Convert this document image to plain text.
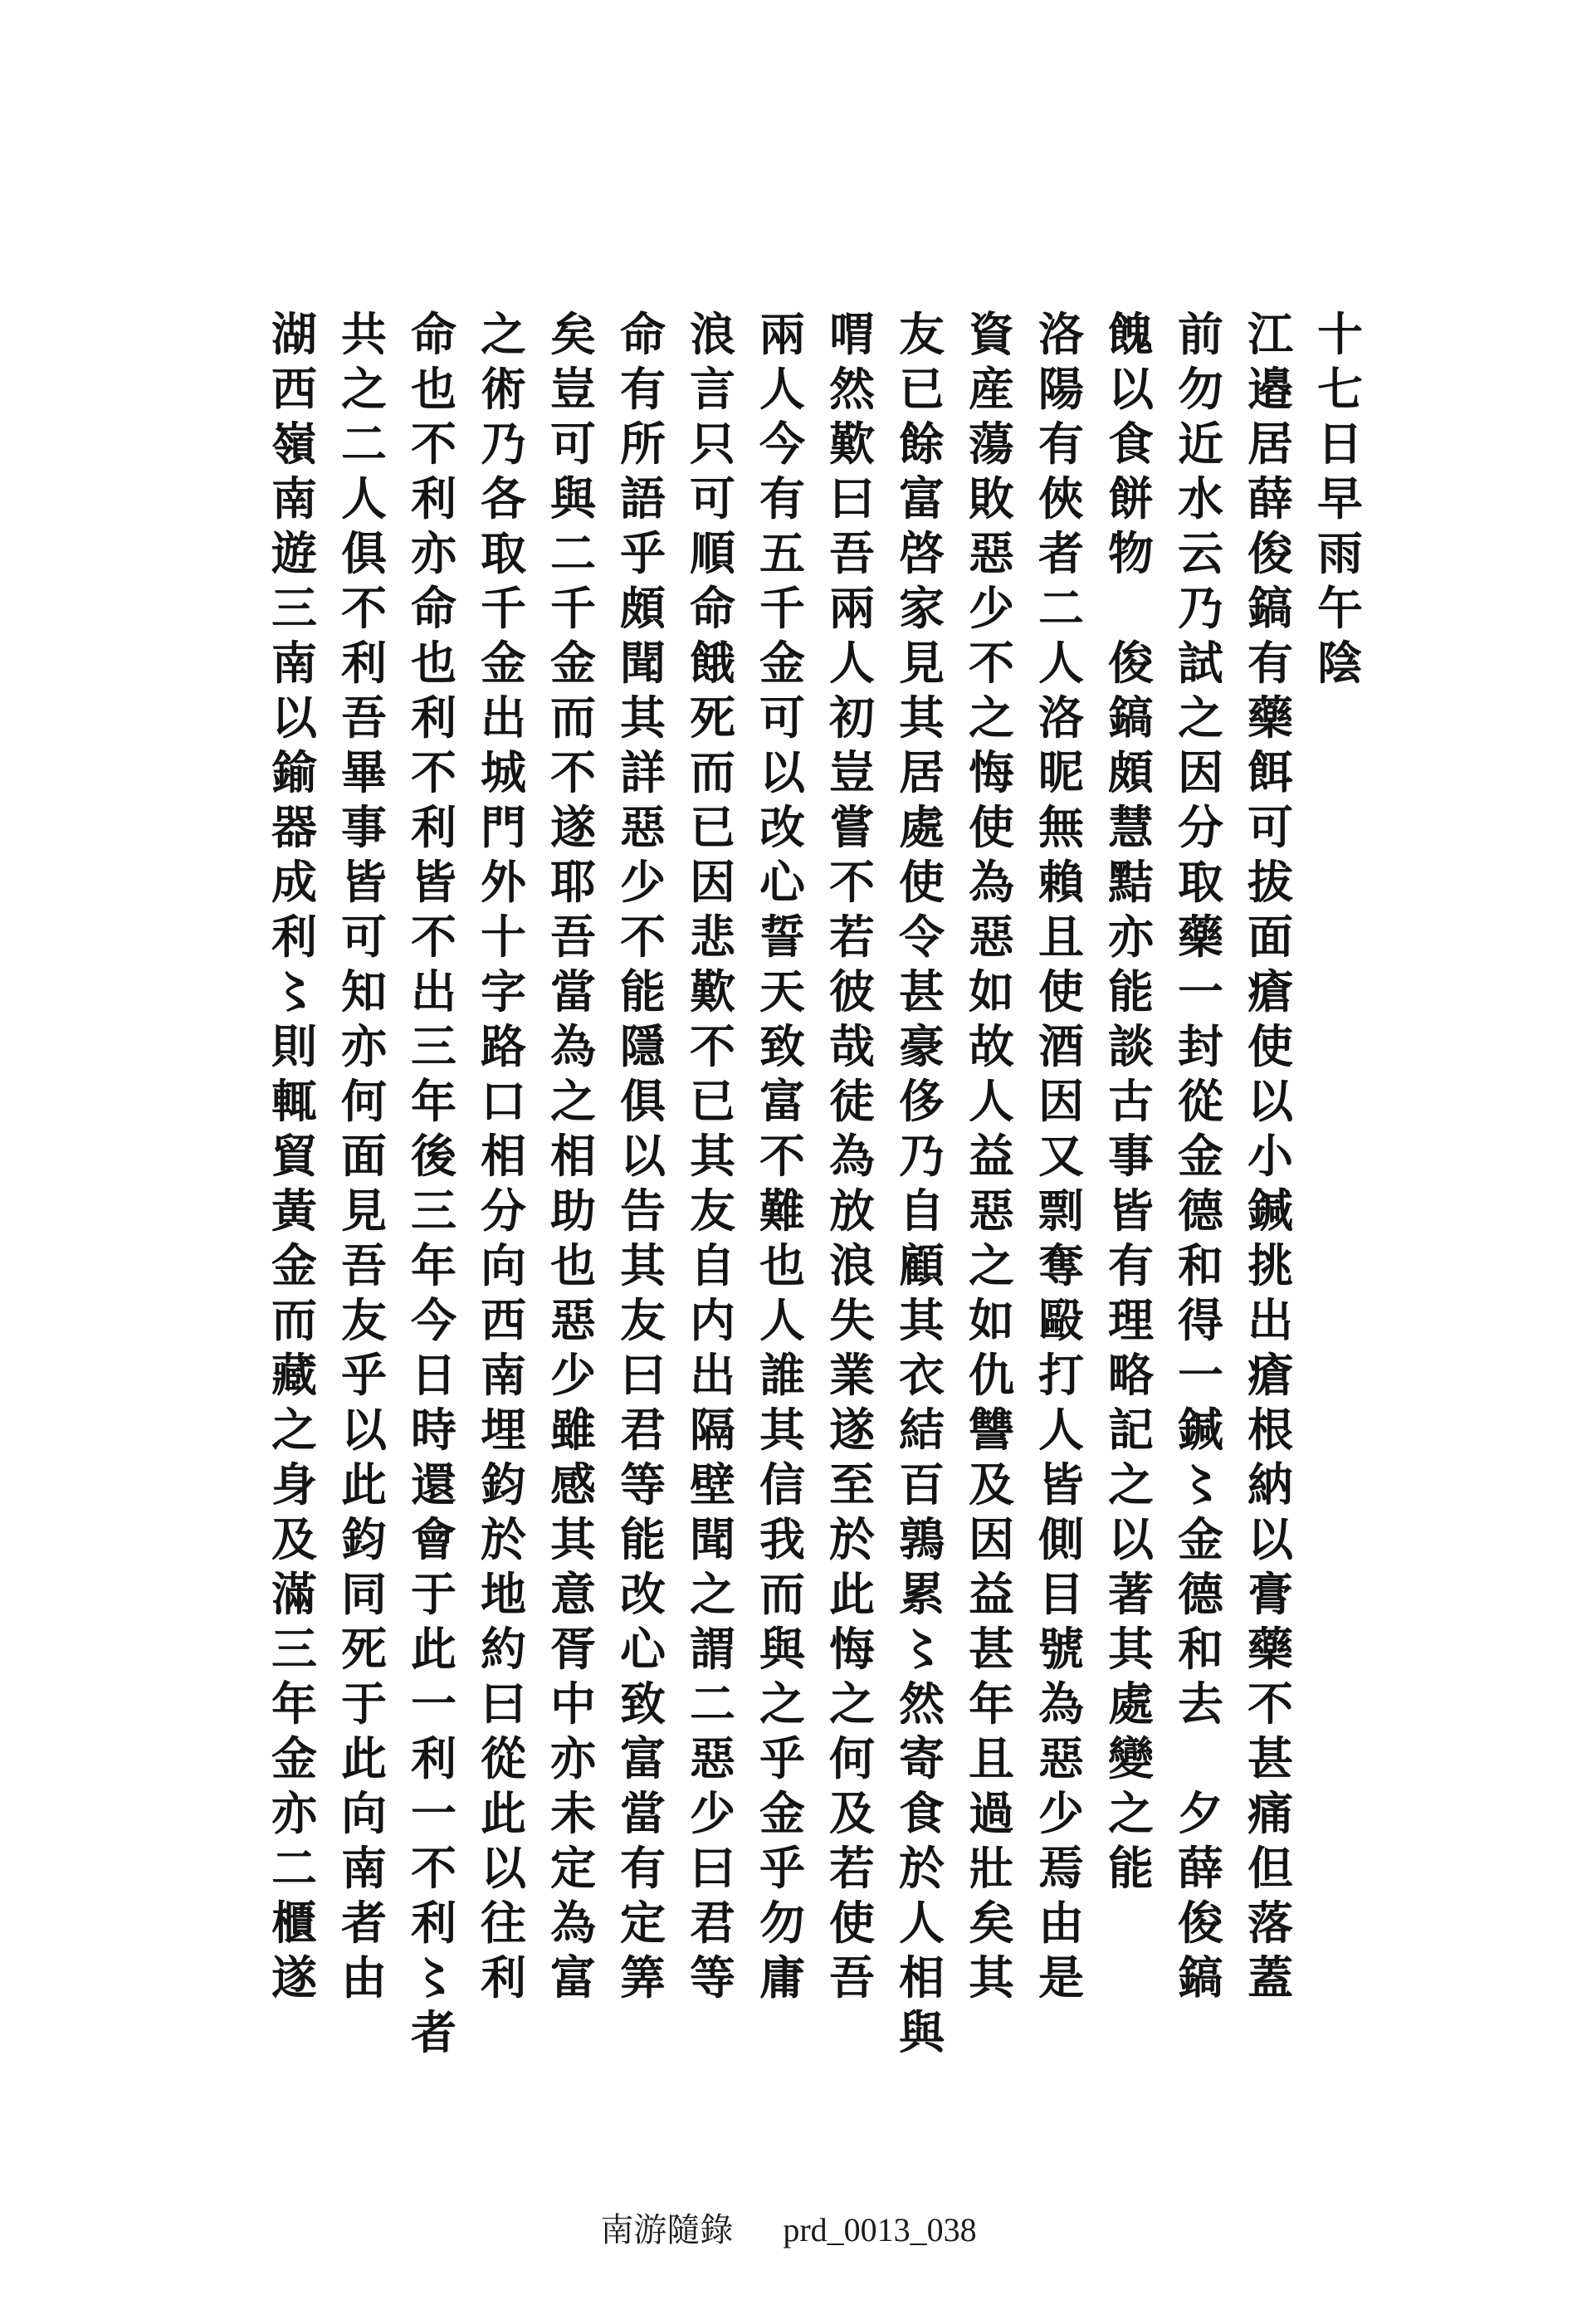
十
七
日
早
雨
午
陰
江
邉
居
薛
俊
鎬
有
藥
餌
可
拔
面
瘡
使
以
小
鍼
挑
出
瘡
根
納
以
膏
藥
不
甚
痛
但
落
蓋
前
勿
近
水
云
乃
試
之
因
分
取
藥
一
封
從
金
德
和
得
一
鍼
〻
金
德
和
去

夕
薛
俊
鎬
餽
以
食
餅
物

俊
鎬
頗
慧
黠
亦
能
談
古
事
皆
有
理
略
記
之
以
著
其
處
變
之
能
洛
陽
有
俠
者
二
人
洛
昵
無
賴
且
使
酒
因
又
剽
奪
毆
打
人
皆
側
目
號
為
惡
少
焉
由
是
資
産
蕩
敗
惡
少
不
之
悔
使
為
惡
如
故
人
益
惡
之
如
仇
讐
及
因
益
甚
年
且
過
壯
矣
其
友
已
餘
富
啓
家
見
其
居
處
使
令
甚
豪
侈
乃
自
顧
其
衣
結
百
鶉
累
〻
然
寄
食
於
人
相
與
喟
然
歎
曰
吾
兩
人
初
豈
嘗
不
若
彼
哉
徒
為
放
浪
失
業
遂
至
於
此
悔
之
何
及
若
使
吾
兩
人
今
有
五
千
金
可
以
改
心
誓
天
致
富
不
難
也
人
誰
其
信
我
而
與
之
乎
金
乎
勿
庸
浪
言
只
可
順
命
餓
死
而
已
因
悲
歎
不
已
其
友
自
内
出
隔
壁
聞
之
謂
二
惡
少
曰
君
等
命
有
所
語
乎
頗
聞
其
詳
惡
少
不
能
隱
俱
以
告
其
友
曰
君
等
能
改
心
致
富
當
有
定
筭
矣
豈
可
與
二
千
金
而
不
遂
耶
吾
當
為
之
相
助
也
惡
少
雖
感
其
意
胥
中
亦
未
定
為
富
之
術
乃
各
取
千
金
出
城
門
外
十
字
路
口
相
分
向
西
南
埋
鈞
於
地
約
曰
從
此
以
往
利
命
也
不
利
亦
命
也
利
不
利
皆
不
出
三
年
後
三
年
今
日
時
還
會
于
此
一
利
一
不
利
〻
者
共
之
二
人
俱
不
利
吾
畢
事
皆
可
知
亦
何
面
見
吾
友
乎
以
此
鈞
同
死
于
此
向
南
者
由
湖
西
嶺
南
遊
三
南
以
鍮
器
成
利
〻
則
輒
貿
黃
金
而
藏
之
身
及
滿
三
年
金
亦
二
櫃
遂
南游隨錄 prd_0013_038
